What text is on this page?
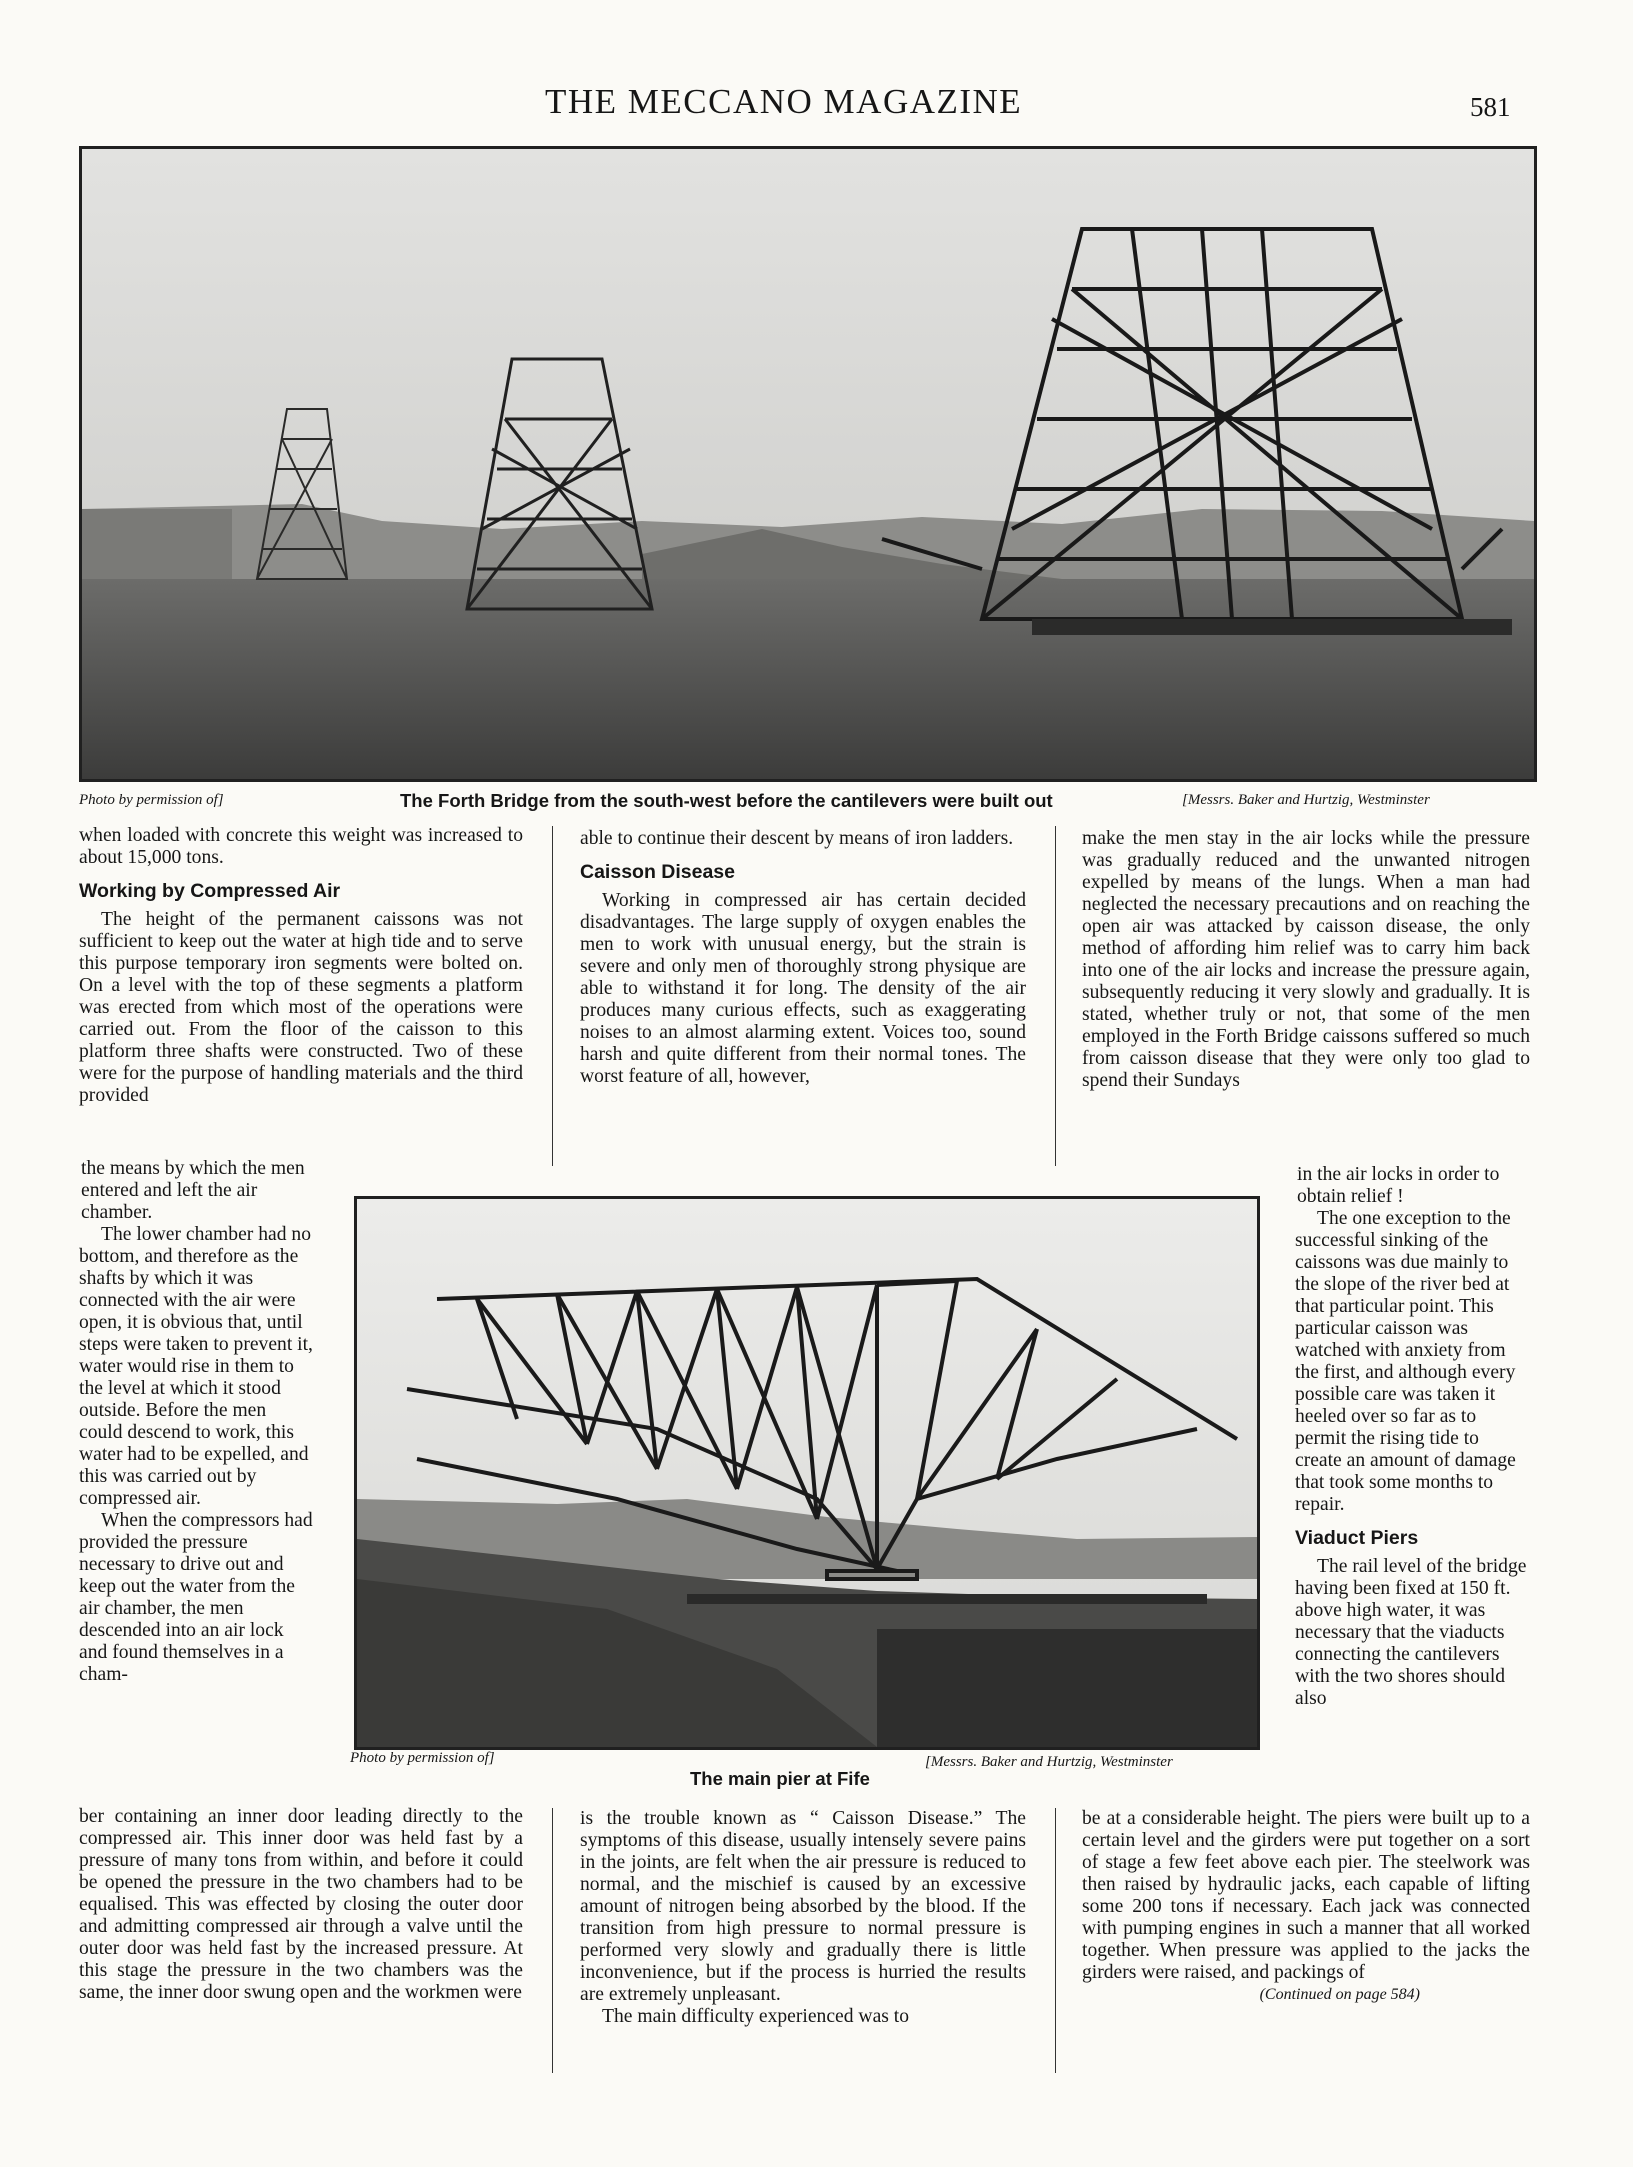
THE MECCANO MAGAZINE	581
Photo by permission of]	The Forth Bridge from the south-west before the cantilevers were built out	[Messrs. Baker and Hurtzig, Westminster

when loaded with concrete this weight was increased to about 15,000 tons.

Working by Compressed Air

The height of the permanent caissons was not sufficient to keep out the water at high tide and to serve this purpose temporary iron segments were bolted on. On a level with the top of these segments a platform was erected from which most of the operations were carried out. From the floor of the caisson to this platform three shafts were constructed. Two of these were for the purpose of handling materials and the third provided

the means by which the men entered and left the air chamber.

The lower chamber had no bottom, and therefore as the shafts by which it was connected with the air were open, it is obvious that, until steps were taken to prevent it, water would rise in them to the level at which it stood outside. Before the men could descend to work, this water had to be expelled, and this was carried out by compressed air.

When the compressors had provided the pressure necessary to drive out and keep out the water from the air chamber, the men descended into an air lock and found themselves in a cham-

ber containing an inner door leading directly to the compressed air. This inner door was held fast by a pressure of many tons from within, and before it could be opened the pressure in the two chambers had to be equalised. This was effected by closing the outer door and admitting compressed air through a valve until the outer door was held fast by the increased pressure. At this stage the pressure in the two chambers was the same, the inner door swung open and the workmen were

able to continue their descent by means of iron ladders.

Caisson Disease

Working in compressed air has certain decided disadvantages. The large supply of oxygen enables the men to work with unusual energy, but the strain is severe and only men of thoroughly strong physique are able to withstand it for long. The density of the air produces many curious effects, such as exaggerating noises to an almost alarming extent. Voices too, sound harsh and quite different from their normal tones. The worst feature of all, however,

is the trouble known as “ Caisson Disease.” The symptoms of this disease, usually intensely severe pains in the joints, are felt when the air pressure is reduced to normal, and the mischief is caused by an excessive amount of nitrogen being absorbed by the blood. If the transition from high pressure to normal pressure is performed very slowly and gradually there is little inconvenience, but if the process is hurried the results are extremely unpleasant.

The main difficulty experienced was to

make the men stay in the air locks while the pressure was gradually reduced and the unwanted nitrogen expelled by means of the lungs. When a man had neglected the necessary precautions and on reaching the open air was attacked by caisson disease, the only method of affording him relief was to carry him back into one of the air locks and increase the pressure again, subsequently reducing it very slowly and gradually. It is stated, whether truly or not, that some of the men employed in the Forth Bridge caissons suffered so much from caisson disease that they were only too glad to spend their Sundays

in the air locks in order to obtain relief !

The one exception to the successful sinking of the caissons was due mainly to the slope of the river bed at that particular point. This particular caisson was watched with anxiety from the first, and although every possible care was taken it heeled over so far as to permit the rising tide to create an amount of damage that took some months to repair.

Viaduct Piers

The rail level of the bridge having been fixed at 150 ft. above high water, it was necessary that the viaducts connecting the cantilevers with the two shores should also

be at a considerable height. The piers were built up to a certain level and the girders were put together on a sort of stage a few feet above each pier. The steelwork was then raised by hydraulic jacks, each capable of lifting some 200 tons if necessary. Each jack was connected with pumping engines in such a manner that all worked together. When pressure was applied to the jacks the girders were raised, and packings of

(Continued on page 584)

Photo by permission of]
The main pier at Fife
[Messrs. Baker and Hurtzig, Westminster
